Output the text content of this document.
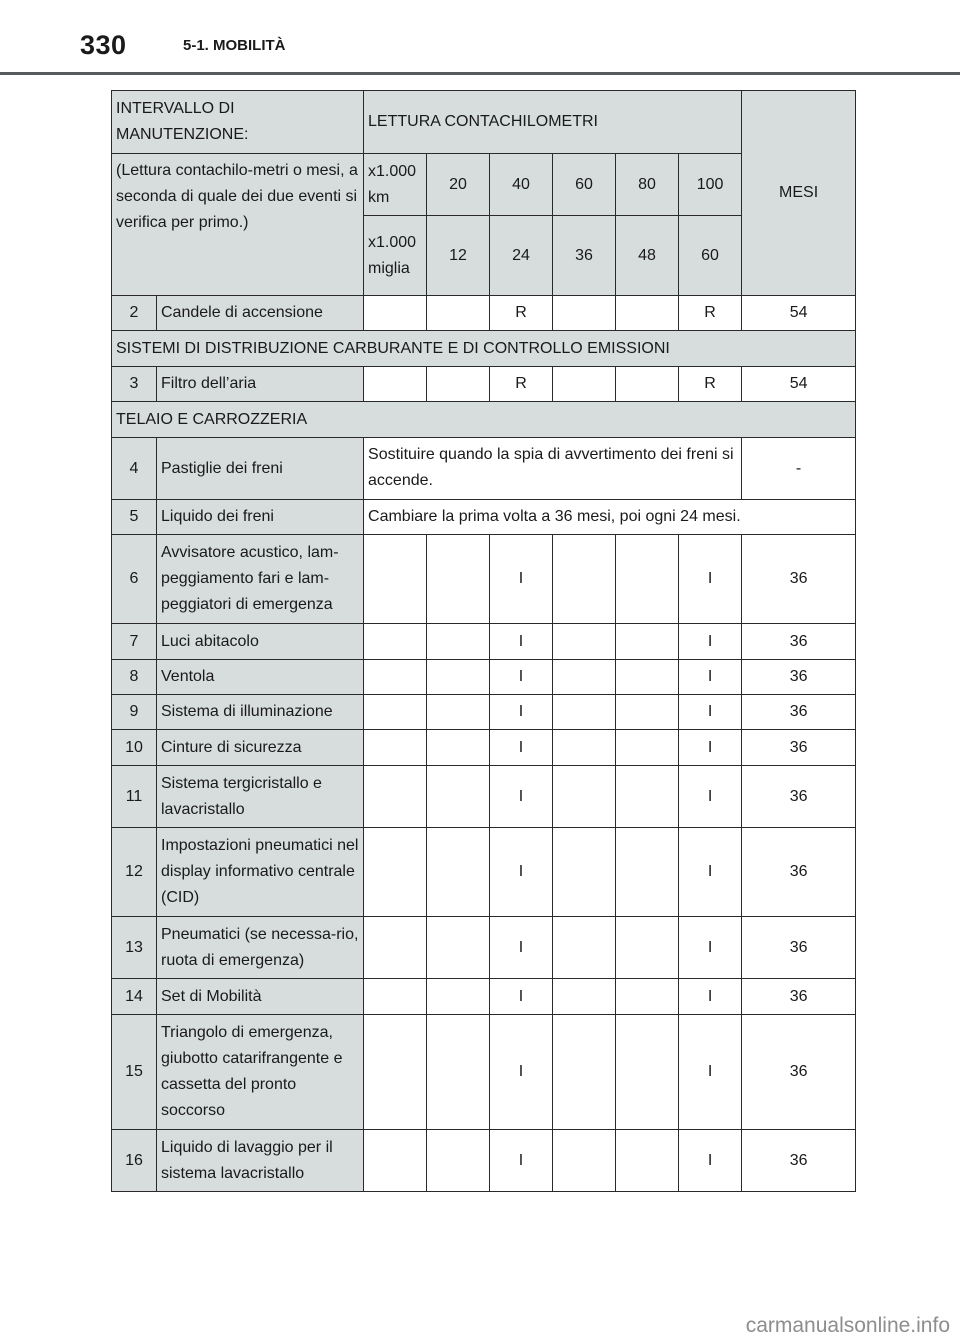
330	5-1. MOBILITÀ
INTERVALLO DI MANUTENZIONE:		LETTURA CONTACHILOMETRI						MESI
(Lettura contachilo-metri o mesi, a seconda di quale dei due eventi si verifica per primo.)		x1.000 km	20	40	60	80	100	
		x1.000 miglia	12	24	36	48	60	
2	Candele di accensione			R			R	54
SISTEMI DI DISTRIBUZIONE CARBURANTE E DI CONTROLLO EMISSIONI								
3	Filtro dell’aria			R			R	54
TELAIO E CARROZZERIA								
4	Pastiglie dei freni	Sostituire quando la spia di avvertimento dei freni si accende.						-
5	Liquido dei freni	Cambiare la prima volta a 36 mesi, poi ogni 24 mesi.						
6	Avvisatore acustico, lam-peggiamento fari e lam-peggiatori di emergenza			I			I	36
7	Luci abitacolo			I			I	36
8	Ventola			I			I	36
9	Sistema di illuminazione			I			I	36
10	Cinture di sicurezza			I			I	36
11	Sistema tergicristallo e lavacristallo			I			I	36
12	Impostazioni pneumatici nel display informativo centrale (CID)			I			I	36
13	Pneumatici (se necessa-rio, ruota di emergenza)			I			I	36
14	Set di Mobilità			I			I	36
15	Triangolo di emergenza, giubotto catarifrangente e cassetta del pronto soccorso			I			I	36
16	Liquido di lavaggio per il sistema lavacristallo			I			I	36
carmanualsonline.info
